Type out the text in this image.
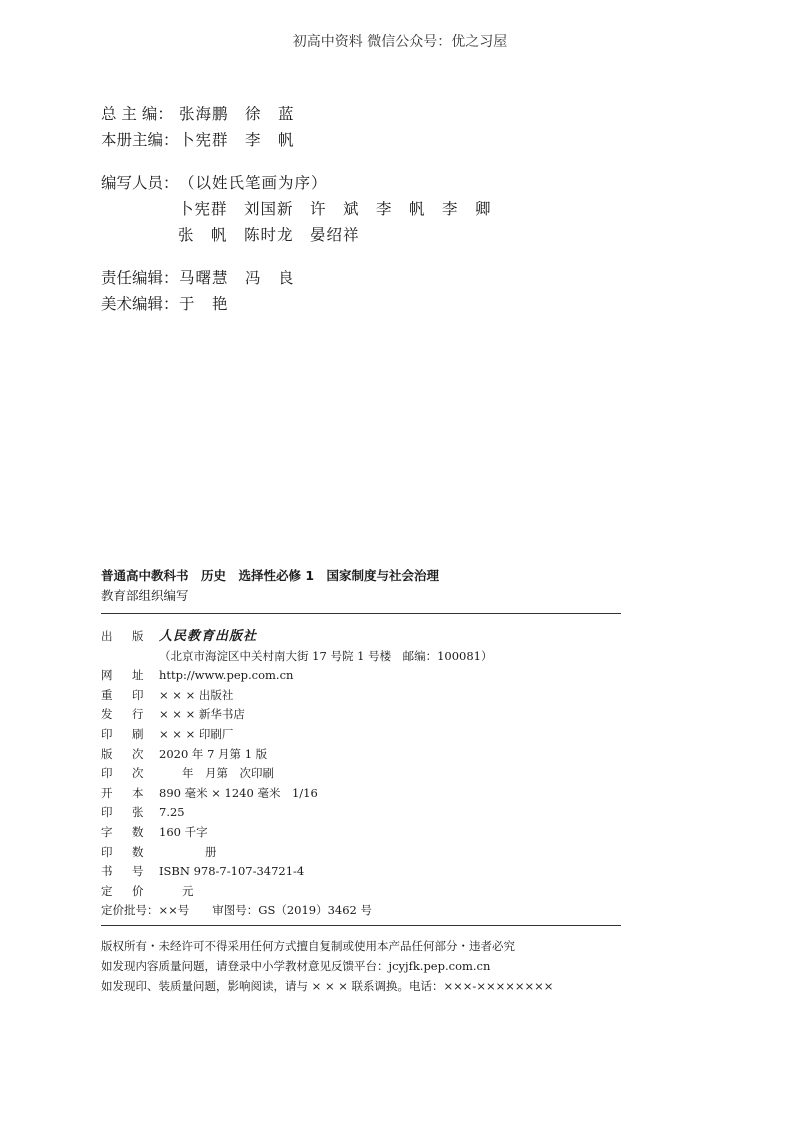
初高中资料 微信公众号：优之习屋
总 主 编： 张海鹏　徐　蓝
本册主编：卜宪群　李　帆
编写人员：（以姓氏笔画为序）
卜宪群　刘国新　许　斌　李　帆　李　卿
张　帆　陈时龙　晏绍祥
责任编辑：马曙慧　冯　良
美术编辑：于　艳
普通高中教科书　历史　选择性必修 1　国家制度与社会治理
教育部组织编写
出 版 人民教育出版社
（北京市海淀区中关村南大街 17 号院 1 号楼　邮编：100081）
网 址 http://www.pep.com.cn
重 印 × × × 出版社
发 行 × × × 新华书店
印 刷 × × × 印刷厂
版 次 2020 年 7 月第 1 版
印 次　　年　月第　次印刷
开 本 890 毫米 × 1240 毫米　1/16
印 张 7.25
字 数 160 千字
印 数　　　　册
书 号 ISBN 978-7-107-34721-4
定 价　　元
定价批号：××号　　审图号：GS（2019）3462 号
版权所有・未经许可不得采用任何方式擅自复制或使用本产品任何部分・违者必究
如发现内容质量问题，请登录中小学教材意见反馈平台：jcyjfk.pep.com.cn
如发现印、装质量问题，影响阅读，请与 × × × 联系调换。电话：×××-××××××××
